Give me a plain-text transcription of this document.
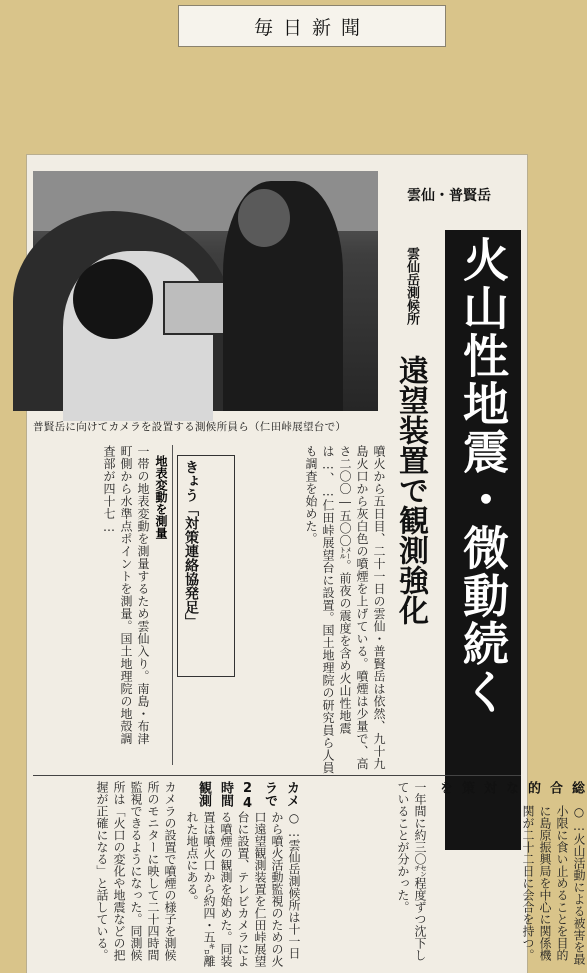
毎日新聞
普賢岳に向けてカメラを設置する測候所員ら（仁田峠展望台で）
雲仙・普賢岳
火山性地震・微動続く
雲仙岳測候所
遠望装置で観測強化
噴火から五日目、二十一日の雲仙・普賢岳は依然、九十九島火口から灰白色の噴煙を上げている。噴煙は少量で、高さ二〇〇―五〇〇㍍。前夜の震度を含め火山性地震は…、…仁田峠展望台に設置。国土地理院の研究員ら人員も調査を始めた。
きょう「対策連絡協発足」
地表変動を測量
一帯の地表変動を測量するため雲仙入り。南島・布津町側から水準点ポイントを測量。国土地理院の地殻調査部が四十七…
カメラの設置で噴煙の様子を測候所のモニターに映して二十四時間監視できるようになった。同測候所は「火口の変化や地震などの把握が正確になる」と話している。	カメラで24時間観測
○…雲仙岳測候所は十一日から噴火活動監視のための火口遠望観測装置を仁田峠展望台に設置、テレビカメラによる噴煙の観測を始めた。同装置は噴火口から約四・五㌔離れた地点にある。	一年間に約三〇㌢程度ずつ沈下していることが分かった。	総合的な対策を
○…火山活動による被害を最小限に食い止めることを目的に島原振興局を中心に関係機関が二十二日に会合を持つ。
